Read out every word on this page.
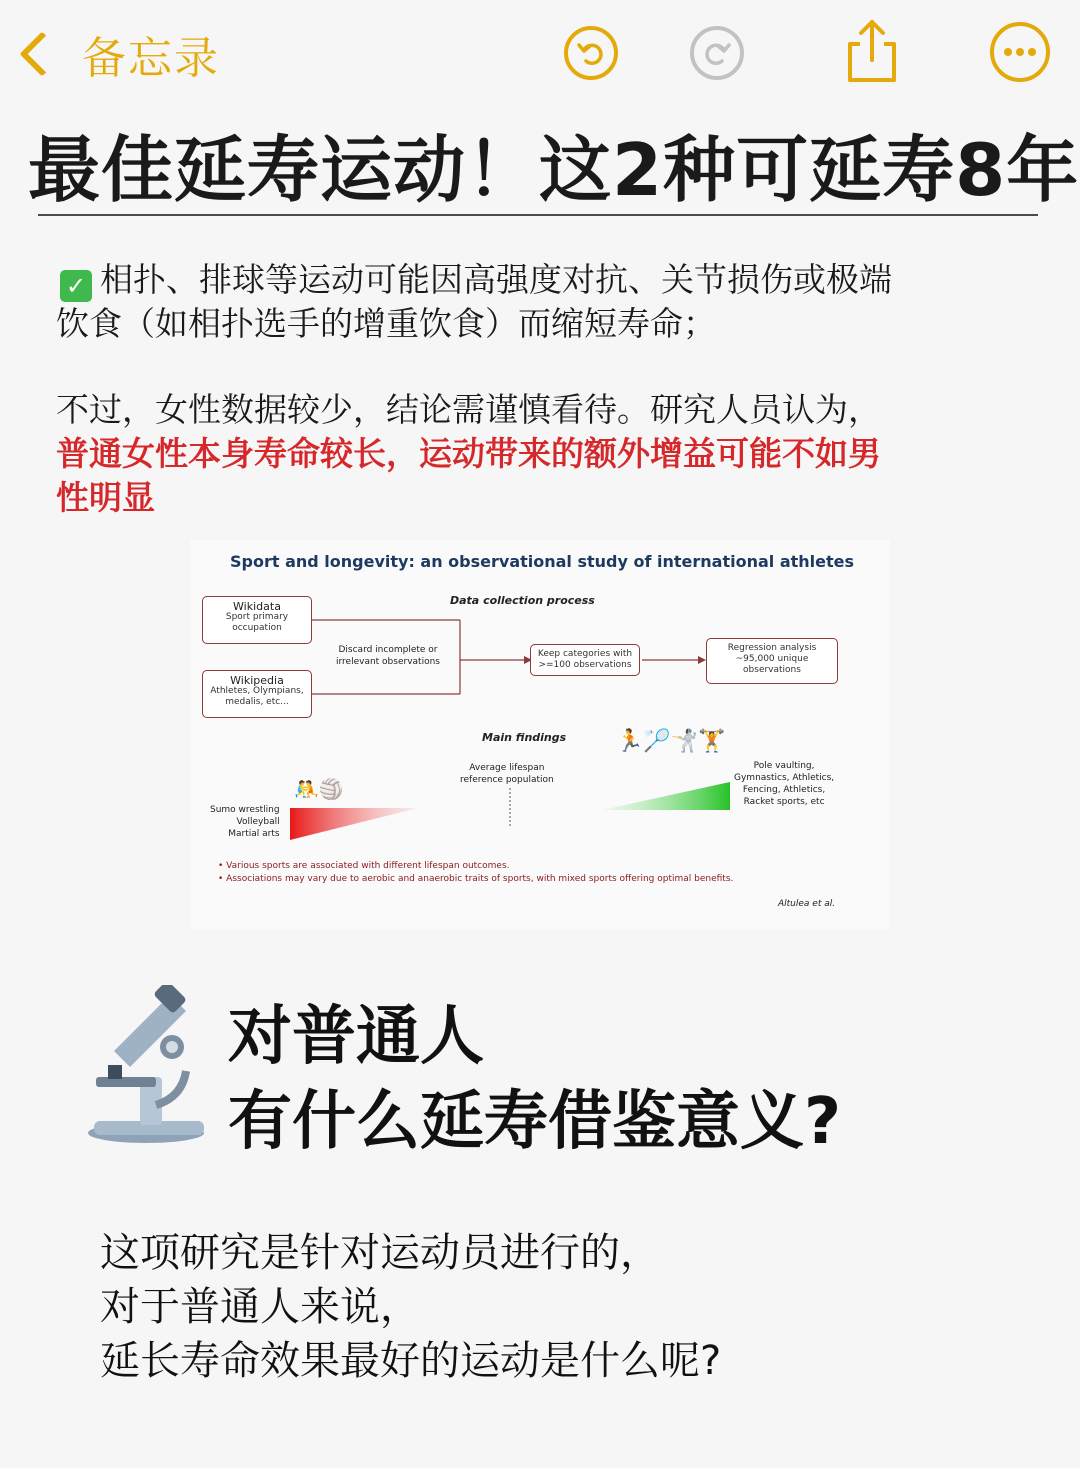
备忘录
最佳延寿运动！这2种可延寿8年
✓ 相扑、排球等运动可能因高强度对抗、关节损伤或极端
饮食（如相扑选手的增重饮食）而缩短寿命；
不过，女性数据较少，结论需谨慎看待。研究人员认为，
普通女性本身寿命较长，运动带来的额外增益可能不如男
性明显
Sport and longevity: an observational study of international athletes
Data collection process
Wikidata
Sport primary
occupation
Wikipedia
Athletes, Olympians,
medalis, etc...
Discard incomplete or
irrelevant observations
Keep categories with
>=100 observations
Regression analysis
~95,000 unique
observations
Main findings
Average lifespan
reference population
🤼🏐
Sumo wrestling
Volleyball
Martial arts
🏃🏸🤺🏋
Pole vaulting,
Gymnastics, Athletics,
Fencing, Athletics,
Racket sports, etc
• Various sports are associated with different lifespan outcomes.
• Associations may vary due to aerobic and anaerobic traits of sports, with mixed sports offering optimal benefits.
Altulea et al.
对普通人
有什么延寿借鉴意义?
这项研究是针对运动员进行的，
对于普通人来说，
延长寿命效果最好的运动是什么呢?
